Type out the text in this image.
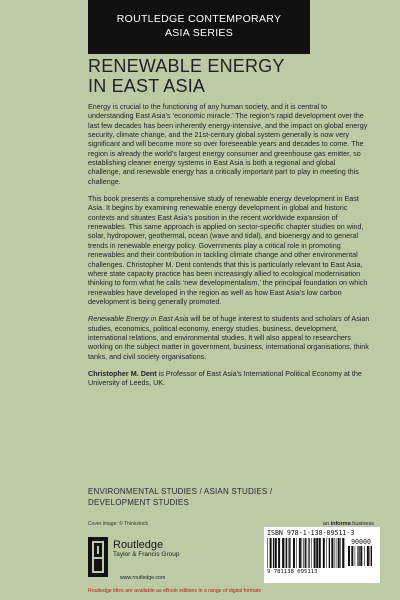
ROUTLEDGE CONTEMPORARY
ASIA SERIES
RENEWABLE ENERGY
IN EAST ASIA

Energy is crucial to the functioning of any human society, and it is central to understanding East Asia’s ‘economic miracle.’ The region’s rapid development over the last few decades has been inherently energy-intensive, and the impact on global energy security, climate change, and the 21st-century global system generally is now very significant and will become more so over foreseeable years and decades to come. The region is already the world’s largest energy consumer and greenhouse gas emitter, so establishing cleaner energy systems in East Asia is both a regional and global challenge, and renewable energy has a critically important part to play in meeting this challenge.

This book presents a comprehensive study of renewable energy development in East Asia. It begins by examining renewable energy development in global and historic contexts and situates East Asia’s position in the recent worldwide expansion of renewables. This same approach is applied on sector-specific chapter studies on wind, solar, hydropower, geothermal, ocean (wave and tidal), and bioenergy and to general trends in renewable energy policy. Governments play a critical role in promoting renewables and their contribution in tackling climate change and other environmental challenges. Christopher M. Dent contends that this is particularly relevant to East Asia, where state capacity practice has been increasingly allied to ecological modernisation thinking to form what he calls ‘new developmentalism,’ the principal foundation on which renewables have developed in the region as well as how East Asia’s low carbon development is being generally promoted.

Renewable Energy in East Asia will be of huge interest to students and scholars of Asian studies, economics, political economy, energy studies, business, development, international relations, and environmental studies. It will also appeal to researchers working on the subject matter in government, business, international organisations, think tanks, and civil society organisations.

Christopher M. Dent is Professor of East Asia’s International Political Economy at the University of Leeds, UK.

ENVIRONMENTAL STUDIES / ASIAN STUDIES /
DEVELOPMENT STUDIES
Cover image: © Thinkstock	an informa business
ISBN 978-1-138-09511-3
90000
9 781138 095113
Routledge
Taylor & Francis Group
www.routledge.com
Routledge titles are available as eBook editions in a range of digital formats
